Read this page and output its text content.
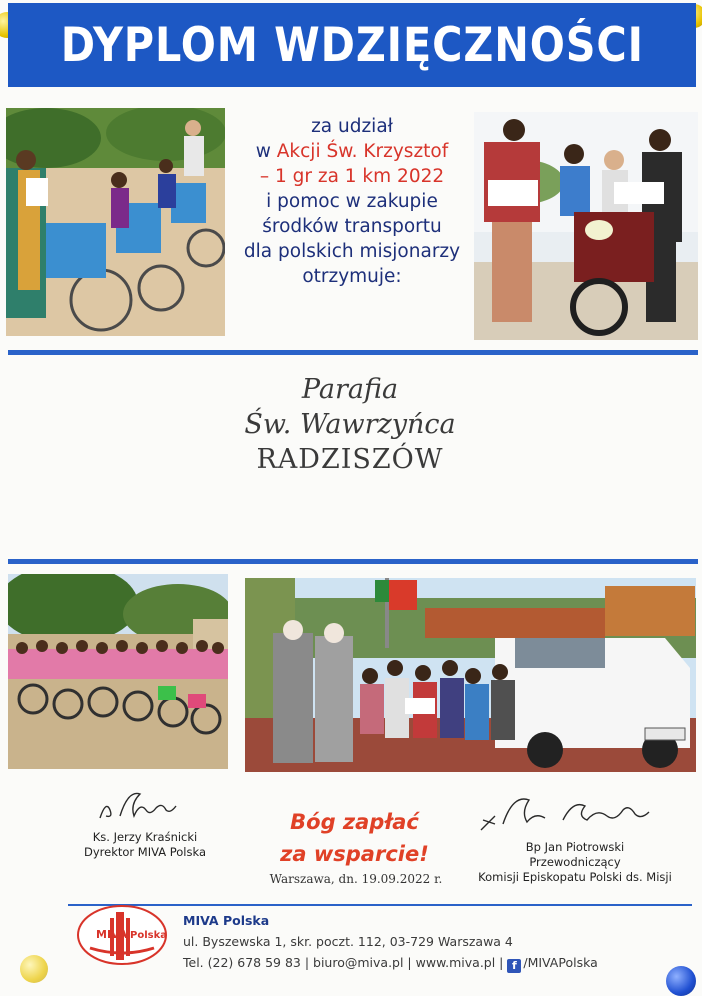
DYPLOM WDZIĘCZNOŚCI
za udział
w Akcji Św. Krzysztof
– 1 gr za 1 km 2022
i pomoc w zakupie
środków transportu
dla polskich misjonarzy
otrzymuje:
Parafia
Św. Wawrzyńca
RADZISZÓW
Ks. Jerzy Kraśnicki
Dyrektor MIVA Polska
Bóg zapłać
za wsparcie!
Warszawa, dn. 19.09.2022 r.
Bp Jan Piotrowski
Przewodniczący
Komisji Episkopatu Polski ds. Misji
MIVA Polska
MIVA Polska
ul. Byszewska 1, skr. poczt. 112, 03-729 Warszawa 4
Tel. (22) 678 59 83 | biuro@miva.pl | www.miva.pl | f /MIVAPolska
